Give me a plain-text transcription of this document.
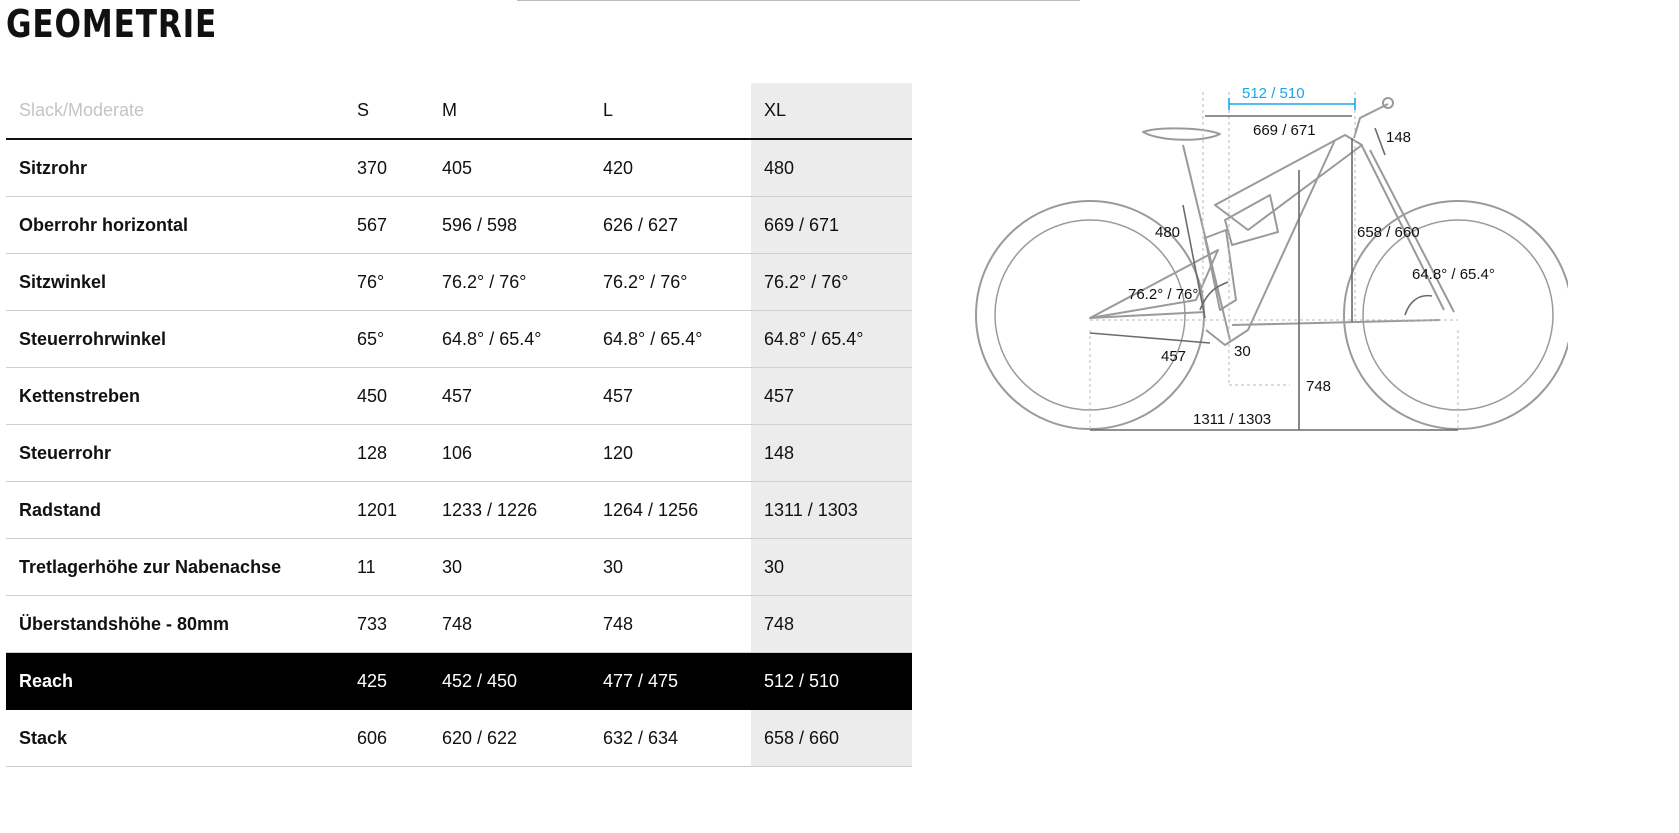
GEOMETRIE
Slack/Moderate	S	M	L	XL
Sitzrohr	370	405	420	480
Oberrohr horizontal	567	596 / 598	626 / 627	669 / 671
Sitzwinkel	76°	76.2° / 76°	76.2° / 76°	76.2° / 76°
Steuerrohrwinkel	65°	64.8° / 65.4°	64.8° / 65.4°	64.8° / 65.4°
Kettenstreben	450	457	457	457
Steuerrohr	128	106	120	148
Radstand	1201	1233 / 1226	1264 / 1256	1311 / 1303
Tretlagerhöhe zur Nabenachse	11	30	30	30
Überstandshöhe - 80mm	733	748	748	748
Reach	425	452 / 450	477 / 475	512 / 510
Stack	606	620 / 622	632 / 634	658 / 660
512 / 510
669 / 671	148
480	658 / 660
76.2° / 76°
64.8° / 65.4°
457	30
748
1311 / 1303
